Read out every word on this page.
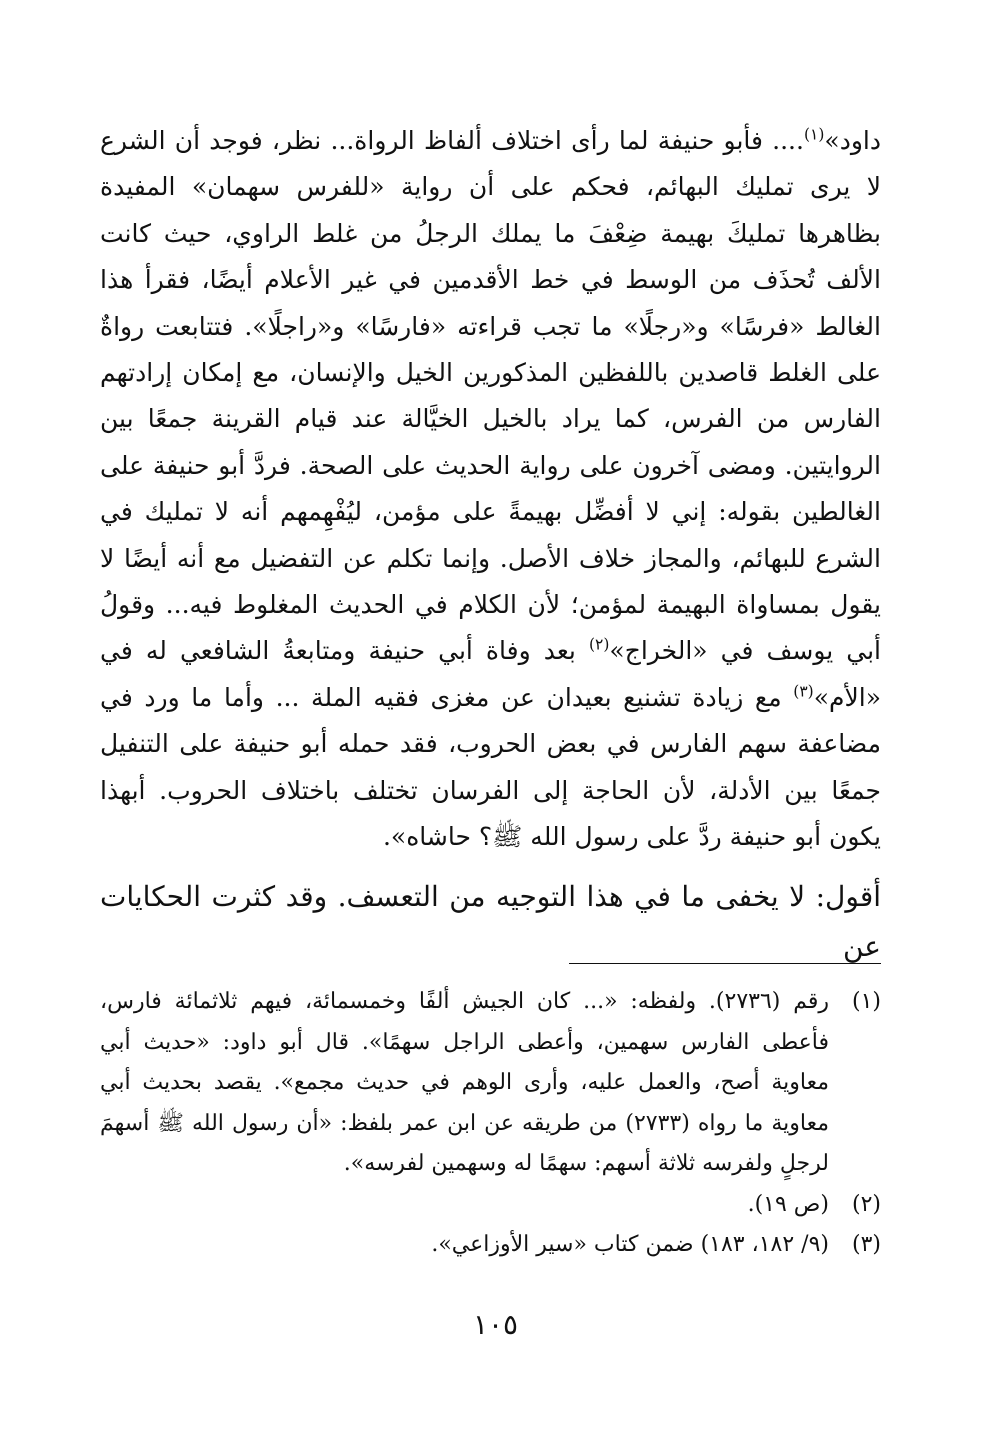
داود»$^{(١)}$.... فأبو حنيفة لما رأى اختلاف ألفاظ الرواة... نظر، فوجد أن الشرع لا يرى تمليك البهائم، فحكم على أن رواية «للفرس سهمان» المفيدة بظاهرها تمليكَ بهيمة ضِعْفَ ما يملك الرجلُ من غلط الراوي، حيث كانت الألف تُحذَف من الوسط في خط الأقدمين في غير الأعلام أيضًا، فقرأ هذا الغالط «فرسًا» و«رجلًا» ما تجب قراءته «فارسًا» و«راجلًا». فتتابعت رواةٌ على الغلط قاصدين باللفظين المذكورين الخيل والإنسان، مع إمكان إرادتهم الفارس من الفرس، كما يراد بالخيل الخيَّالة عند قيام القرينة جمعًا بين الروايتين. ومضى آخرون على رواية الحديث على الصحة. فردَّ أبو حنيفة على الغالطين بقوله: إني لا أفضِّل بهيمةً على مؤمن، ليُفْهِمهم أنه لا تمليك في الشرع للبهائم، والمجاز خلاف الأصل. وإنما تكلم عن التفضيل مع أنه أيضًا لا يقول بمساواة البهيمة لمؤمن؛ لأن الكلام في الحديث المغلوط فيه... وقولُ أبي يوسف في «الخراج»$^{(٢)}$ بعد وفاة أبي حنيفة ومتابعةُ الشافعي له في «الأم»$^{(٣)}$ مع زيادة تشنيع بعيدان عن مغزى فقيه الملة ... وأما ما ورد في مضاعفة سهم الفارس في بعض الحروب، فقد حمله أبو حنيفة على التنفيل جمعًا بين الأدلة، لأن الحاجة إلى الفرسان تختلف باختلاف الحروب. أبهذا يكون أبو حنيفة ردَّ على رسول الله ﷺ؟ حاشاه».

أقول: لا يخفى ما في هذا التوجيه من التعسف. وقد كثرت الحكايات عن

(١)
رقم (٢٧٣٦). ولفظه: «... كان الجيش ألفًا وخمسمائة، فيهم ثلاثمائة فارس، فأعطى الفارس سهمين، وأعطى الراجل سهمًا». قال أبو داود: «حديث أبي معاوية أصح، والعمل عليه، وأرى الوهم في حديث مجمع». يقصد بحديث أبي معاوية ما رواه (٢٧٣٣) من طريقه عن ابن عمر بلفظ: «أن رسول الله ﷺ أسهمَ لرجلٍ ولفرسه ثلاثة أسهم: سهمًا له وسهمين لفرسه».
(٢)
(ص ١٩).
(٣)
(٩/ ١٨٢، ١٨٣) ضمن كتاب «سير الأوزاعي».
١٠٥
